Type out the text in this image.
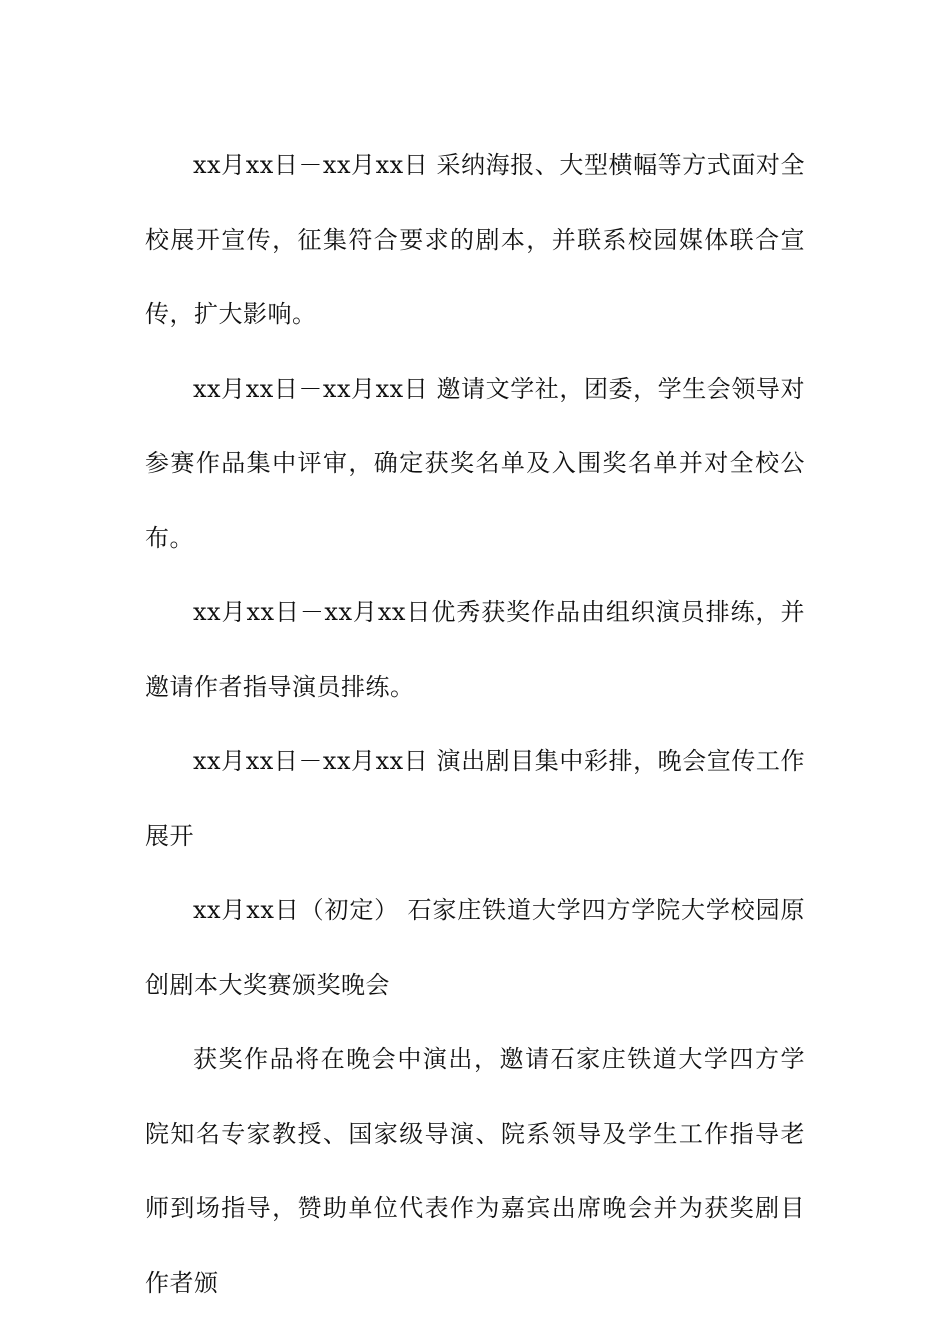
xx月xx日－xx月xx日 采纳海报、大型横幅等方式面对全校展开宣传，征集符合要求的剧本，并联系校园媒体联合宣传，扩大影响。

xx月xx日－xx月xx日 邀请文学社，团委，学生会领导对参赛作品集中评审，确定获奖名单及入围奖名单并对全校公布。

xx月xx日－xx月xx日优秀获奖作品由组织演员排练，并邀请作者指导演员排练。

xx月xx日－xx月xx日 演出剧目集中彩排，晚会宣传工作展开

xx月xx日（初定） 石家庄铁道大学四方学院大学校园原创剧本大奖赛颁奖晚会

获奖作品将在晚会中演出，邀请石家庄铁道大学四方学院知名专家教授、国家级导演、院系领导及学生工作指导老师到场指导，赞助单位代表作为嘉宾出席晚会并为获奖剧目作者颁
